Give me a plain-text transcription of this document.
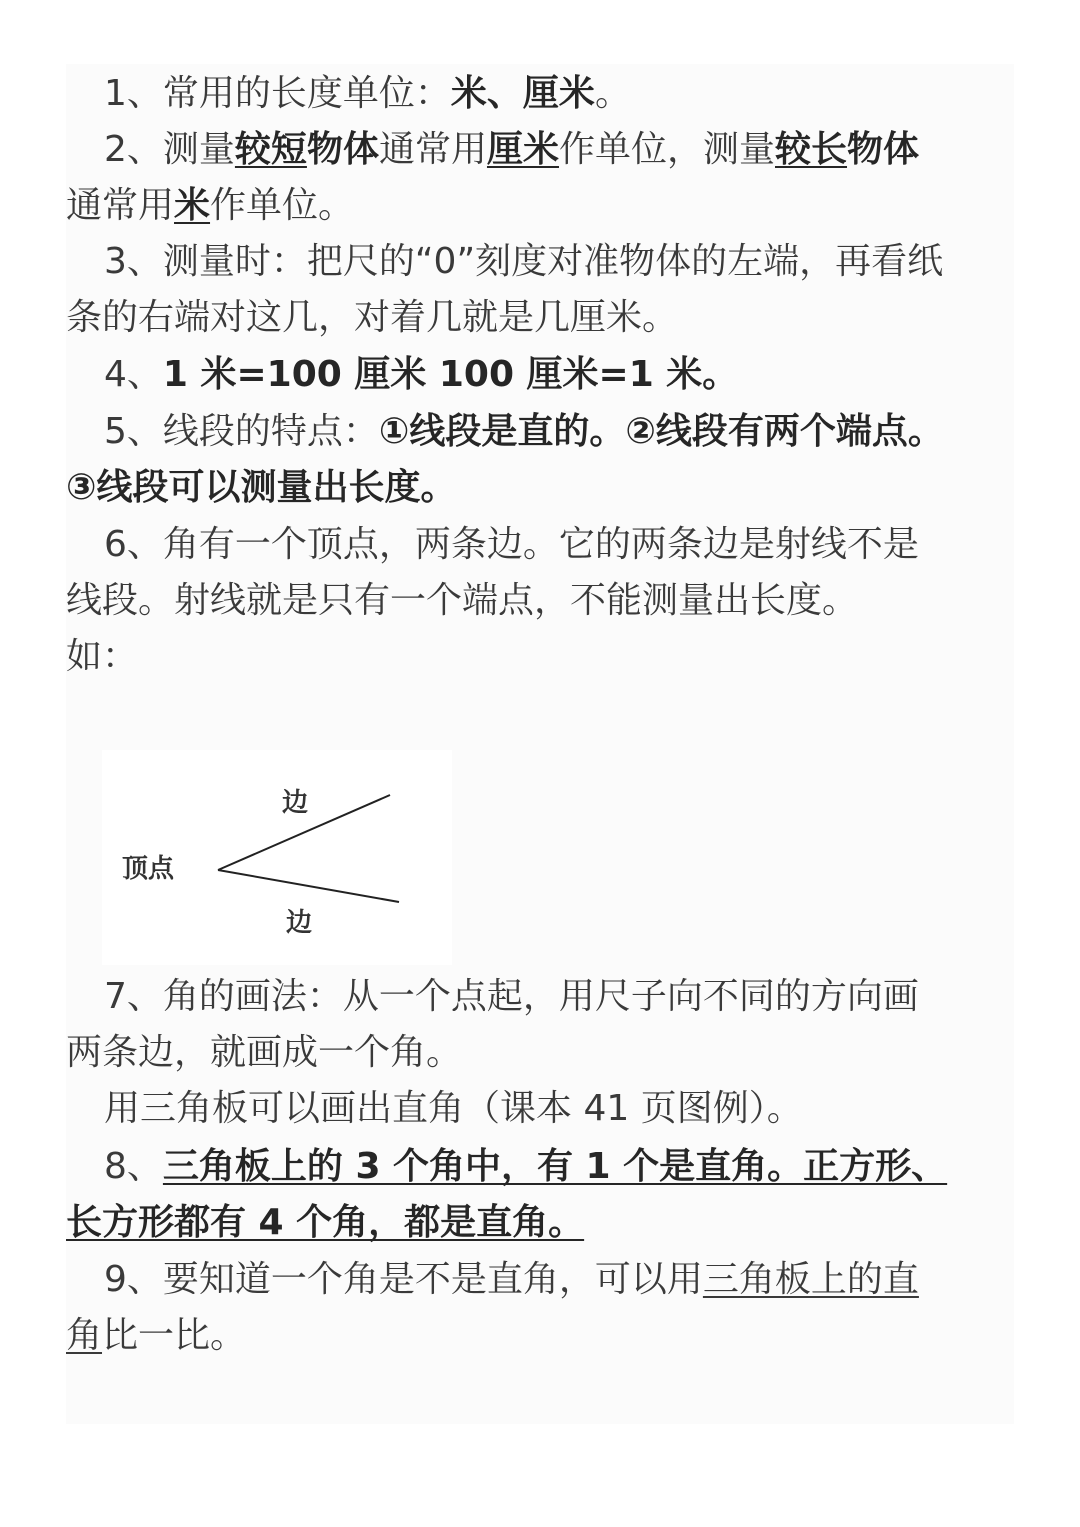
1、常用的长度单位：米、厘米。
2、测量较短物体通常用厘米作单位，测量较长物体
通常用米作单位。
3、测量时：把尺的“0”刻度对准物体的左端，再看纸
条的右端对这几，对着几就是几厘米。
4、1 米=100 厘米 100 厘米=1 米。
5、线段的特点：①线段是直的。②线段有两个端点。
③线段可以测量出长度。
6、角有一个顶点，两条边。它的两条边是射线不是
线段。射线就是只有一个端点，不能测量出长度。
如：
顶点
边
边
7、角的画法：从一个点起，用尺子向不同的方向画
两条边，就画成一个角。
用三角板可以画出直角（课本 41 页图例）。
8、三角板上的 3 个角中，有 1 个是直角。正方形、
长方形都有 4 个角，都是直角。
9、要知道一个角是不是直角，可以用三角板上的直
角比一比。
